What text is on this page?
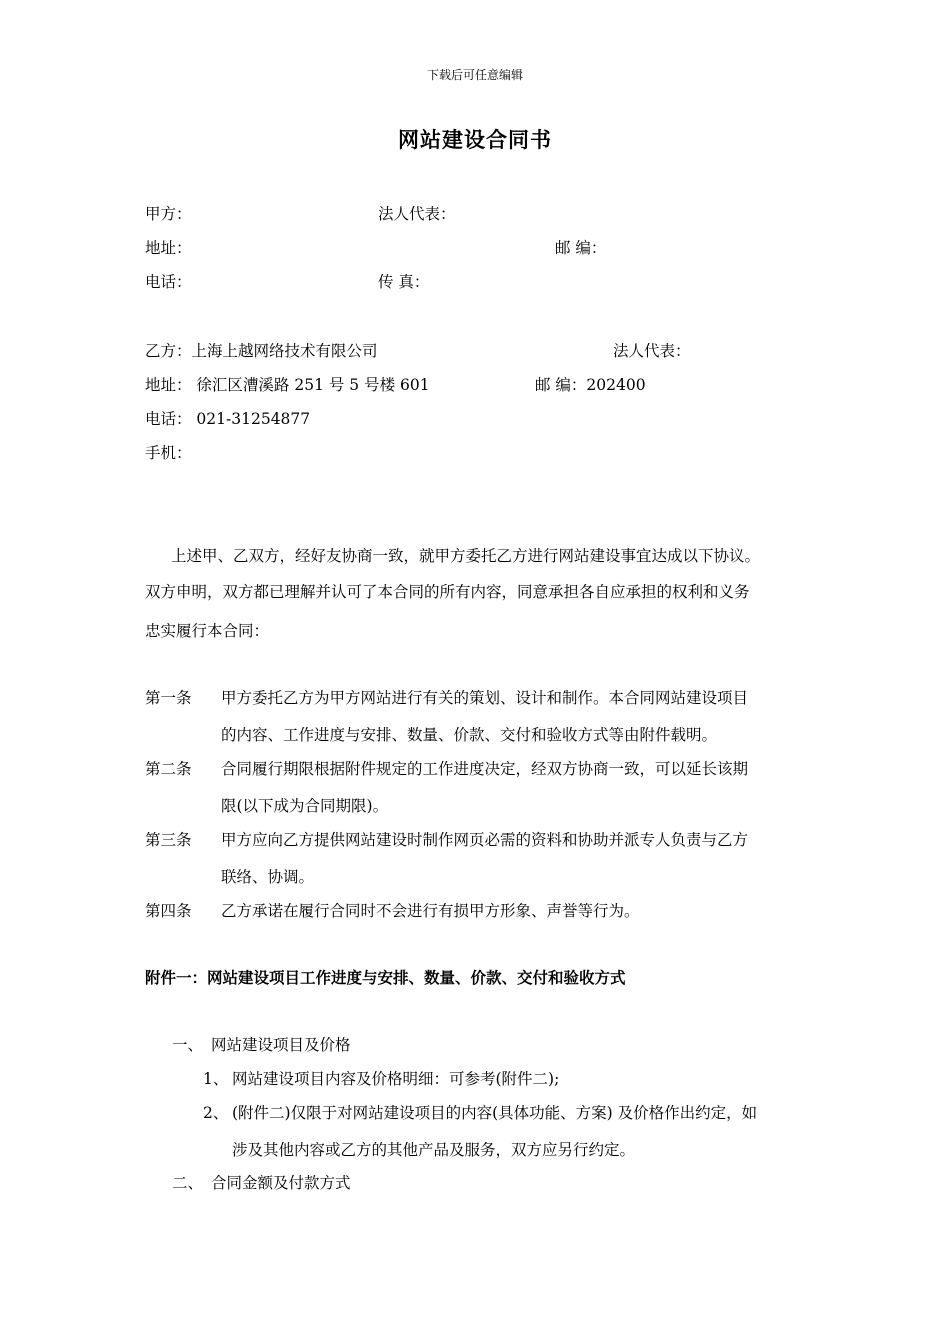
下载后可任意编辑
网站建设合同书
甲方：	法人代表：
地址：	邮 编：
电话：	传 真：
乙方：上海上越网络技术有限公司	法人代表：
地址： 徐汇区漕溪路 251 号 5 号楼 601	邮 编：202400
电话： 021-31254877
手机：
上述甲、乙双方，经好友协商一致，就甲方委托乙方进行网站建设事宜达成以下协议。
双方申明，双方都已理解并认可了本合同的所有内容，同意承担各自应承担的权利和义务
忠实履行本合同：
第一条 甲方委托乙方为甲方网站进行有关的策划、设计和制作。本合同网站建设项目
的内容、工作进度与安排、数量、价款、交付和验收方式等由附件载明。
第二条 合同履行期限根据附件规定的工作进度决定，经双方协商一致，可以延长该期
限(以下成为合同期限)。
第三条 甲方应向乙方提供网站建设时制作网页必需的资料和协助并派专人负责与乙方
联络、协调。
第四条 乙方承诺在履行合同时不会进行有损甲方形象、声誉等行为。
附件一：网站建设项目工作进度与安排、数量、价款、交付和验收方式
一、 网站建设项目及价格
1、 网站建设项目内容及价格明细：可参考(附件二);
2、 (附件二)仅限于对网站建设项目的内容(具体功能、方案) 及价格作出约定，如
涉及其他内容或乙方的其他产品及服务，双方应另行约定。
二、 合同金额及付款方式
